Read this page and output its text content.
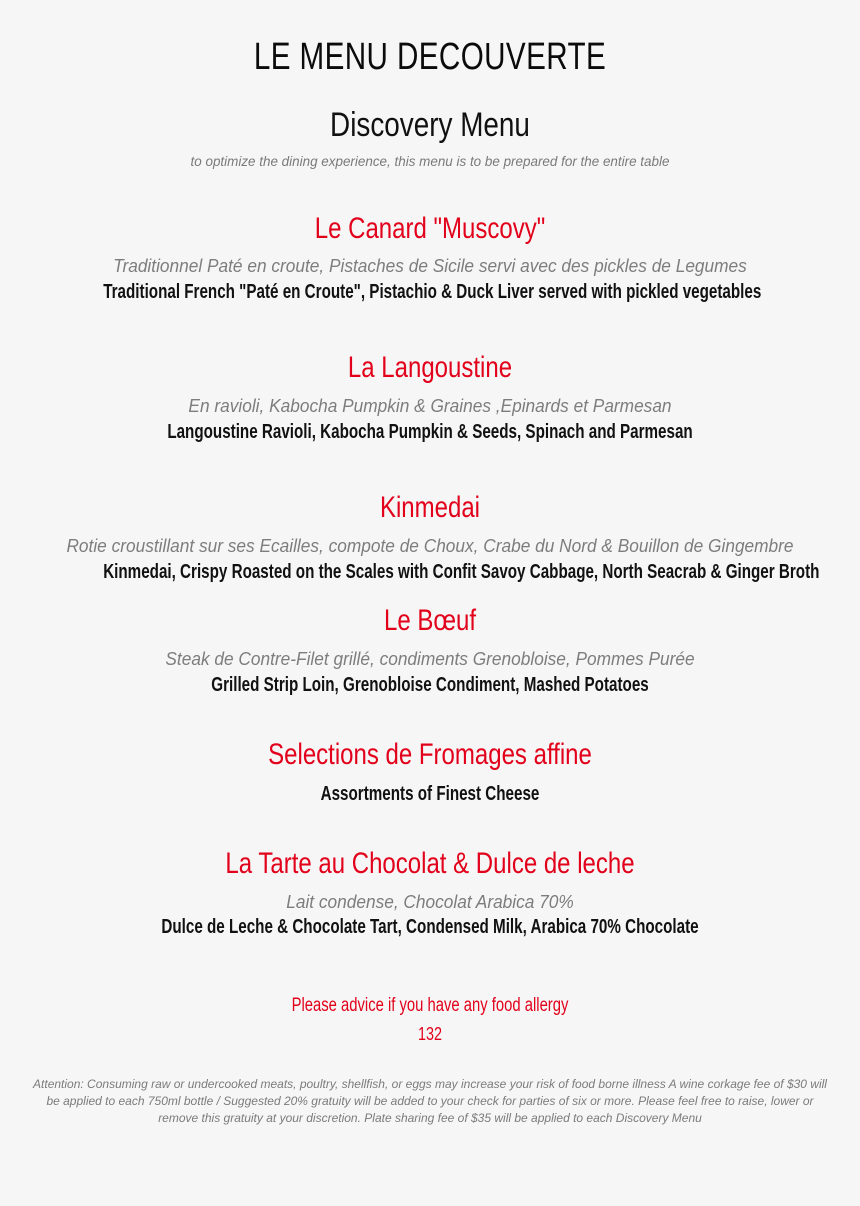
LE MENU DECOUVERTE
Discovery Menu
to optimize the dining experience, this menu is to be prepared for the entire table
Le Canard "Muscovy"
Traditionnel Paté en croute, Pistaches de Sicile servi avec des pickles de Legumes
Traditional French "Paté en Croute", Pistachio & Duck Liver served with pickled vegetables
La Langoustine
En ravioli, Kabocha Pumpkin & Graines ,Epinards et Parmesan
Langoustine Ravioli, Kabocha Pumpkin & Seeds, Spinach and Parmesan
Kinmedai
Rotie croustillant sur ses Ecailles, compote de Choux, Crabe du Nord & Bouillon de Gingembre
Kinmedai, Crispy Roasted on the Scales with Confit Savoy Cabbage, North Seacrab & Ginger Broth
Le Bœuf
Steak de Contre-Filet grillé, condiments Grenobloise, Pommes Purée
Grilled Strip Loin, Grenobloise Condiment, Mashed Potatoes
Selections de Fromages affine
Assortments of Finest Cheese
La Tarte au Chocolat & Dulce de leche
Lait condense, Chocolat Arabica 70%
Dulce de Leche & Chocolate Tart, Condensed Milk, Arabica 70% Chocolate
Please advice if you have any food allergy
132
Attention: Consuming raw or undercooked meats, poultry, shellfish, or eggs may increase your risk of food borne illness A wine corkage fee of $30 will be applied to each 750ml bottle / Suggested 20% gratuity will be added to your check for parties of six or more. Please feel free to raise, lower or remove this gratuity at your discretion. Plate sharing fee of $35 will be applied to each Discovery Menu
